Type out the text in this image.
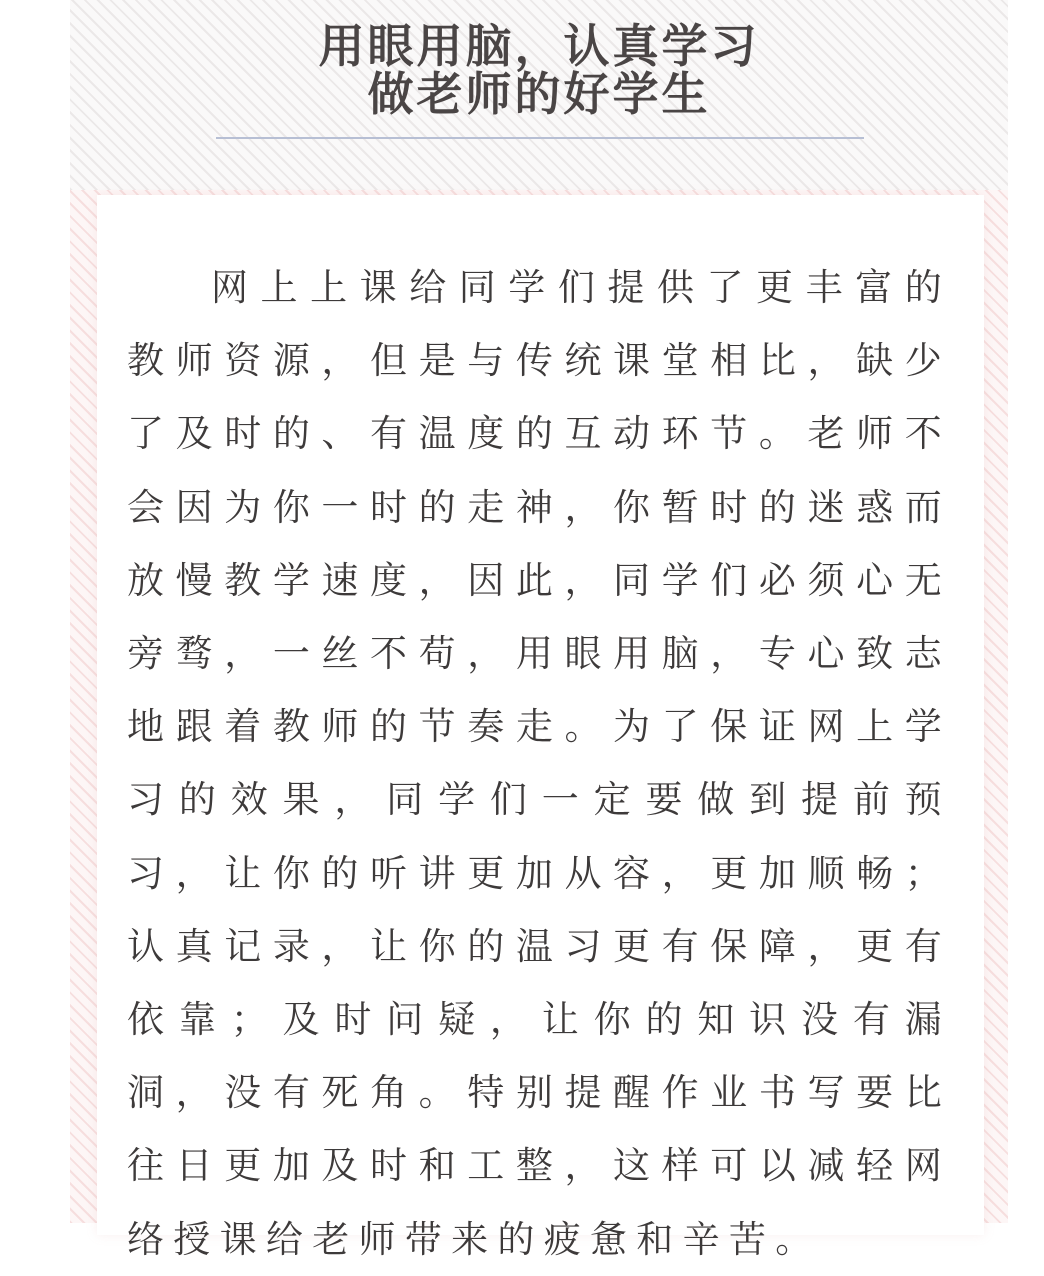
用眼用脑，认真学习
做老师的好学生

网上上课给同学们提供了更丰富的教师资源，但是与传统课堂相比，缺少了及时的、有温度的互动环节。老师不会因为你一时的走神，你暂时的迷惑而放慢教学速度，因此，同学们必须心无旁骛，一丝不苟，用眼用脑，专心致志地跟着教师的节奏走。为了保证网上学习的效果，同学们一定要做到提前预习，让你的听讲更加从容，更加顺畅；认真记录，让你的温习更有保障，更有依靠；及时问疑，让你的知识没有漏洞，没有死角。特别提醒作业书写要比往日更加及时和工整，这样可以减轻网络授课给老师带来的疲惫和辛苦。
